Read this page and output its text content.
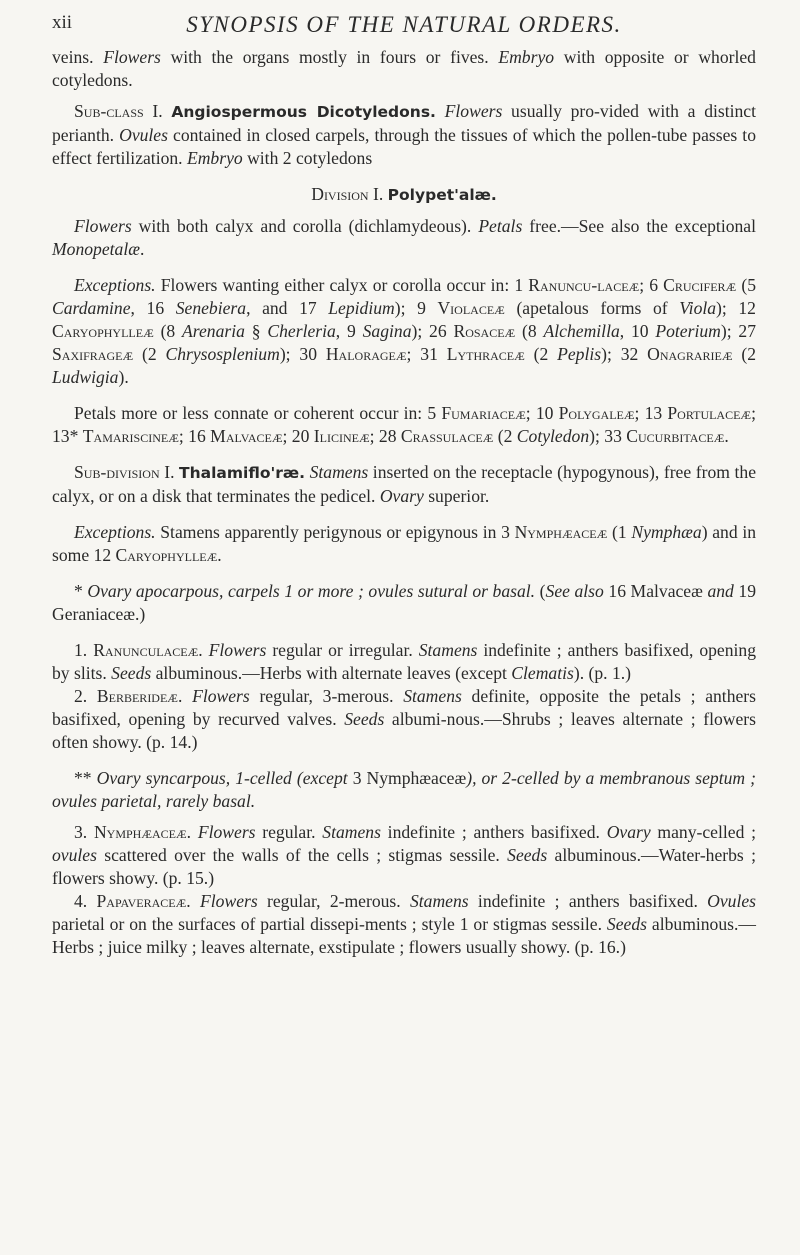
xii	SYNOPSIS OF THE NATURAL ORDERS.

veins. Flowers with the organs mostly in fours or fives. Embryo with opposite or whorled cotyledons.

Sub-class I. Angiospermous Dicotyledons. Flowers usually pro-vided with a distinct perianth. Ovules contained in closed carpels, through the tissues of which the pollen-tube passes to effect fertilization. Embryo with 2 cotyledons

Division I. Polypet'alæ.

Flowers with both calyx and corolla (dichlamydeous). Petals free.—See also the exceptional Monopetalæ.

Exceptions. Flowers wanting either calyx or corolla occur in: 1 Ranuncu-laceæ; 6 Cruciferæ (5 Cardamine, 16 Senebiera, and 17 Lepidium); 9 Violaceæ (apetalous forms of Viola); 12 Caryophylleæ (8 Arenaria § Cherleria, 9 Sagina); 26 Rosaceæ (8 Alchemilla, 10 Poterium); 27 Saxifrageæ (2 Chrysosplenium); 30 Halorageæ; 31 Lythraceæ (2 Peplis); 32 Onagrarieæ (2 Ludwigia).

Petals more or less connate or coherent occur in: 5 Fumariaceæ; 10 Polygaleæ; 13 Portulaceæ; 13* Tamariscineæ; 16 Malvaceæ; 20 Ilicineæ; 28 Crassulaceæ (2 Cotyledon); 33 Cucurbitaceæ.

Sub-division I. Thalamiflo'ræ. Stamens inserted on the receptacle (hypogynous), free from the calyx, or on a disk that terminates the pedicel. Ovary superior.

Exceptions. Stamens apparently perigynous or epigynous in 3 Nymphæaceæ (1 Nymphæa) and in some 12 Caryophylleæ.

* Ovary apocarpous, carpels 1 or more ; ovules sutural or basal. (See also 16 Malvaceæ and 19 Geraniaceæ.)

1. Ranunculaceæ. Flowers regular or irregular. Stamens indefinite ; anthers basifixed, opening by slits. Seeds albuminous.—Herbs with alternate leaves (except Clematis). (p. 1.)

2. Berberideæ. Flowers regular, 3-merous. Stamens definite, opposite the petals ; anthers basifixed, opening by recurved valves. Seeds albumi-nous.—Shrubs ; leaves alternate ; flowers often showy. (p. 14.)

** Ovary syncarpous, 1-celled (except 3 Nymphæaceæ), or 2-celled by a membranous septum ; ovules parietal, rarely basal.

3. Nymphæaceæ. Flowers regular. Stamens indefinite ; anthers basifixed. Ovary many-celled ; ovules scattered over the walls of the cells ; stigmas sessile. Seeds albuminous.—Water-herbs ; flowers showy. (p. 15.)

4. Papaveraceæ. Flowers regular, 2-merous. Stamens indefinite ; anthers basifixed. Ovules parietal or on the surfaces of partial dissepi-ments ; style 1 or stigmas sessile. Seeds albuminous.—Herbs ; juice milky ; leaves alternate, exstipulate ; flowers usually showy. (p. 16.)
